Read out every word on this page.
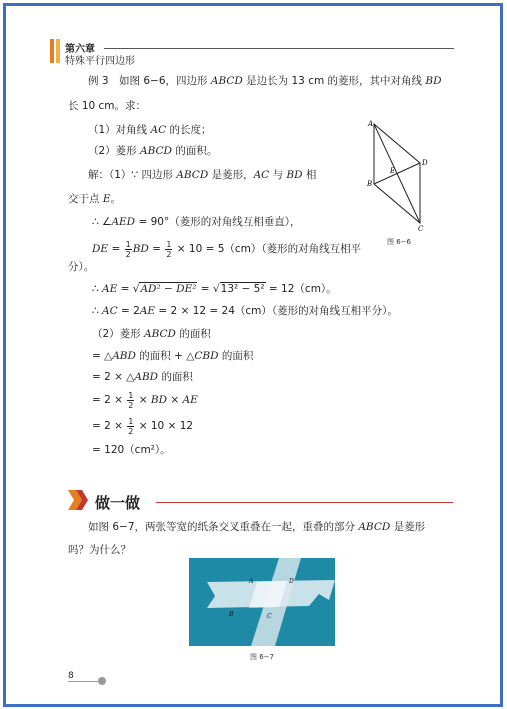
第六章
特殊平行四边形
例 3　如图 6−6，四边形 ABCD 是边长为 13 cm 的菱形，其中对角线 BD
长 10 cm。求：
（1）对角线 AC 的长度；
（2）菱形 ABCD 的面积。
解：（1）∵ 四边形 ABCD 是菱形，AC 与 BD 相
交于点 E。
∴ ∠AED = 90°（菱形的对角线互相垂直），
DE = $\frac{1}{2}$ BD = $\frac{1}{2} \times 10 = 5(cm)$（菱形的对角线互相平
分）。
∴ AE = √AD² − DE² = √13² − 5² = 12（cm）。
∴ AC = 2AE = 2 × 12 = 24（cm）（菱形的对角线互相平分）。
（2）菱形 ABCD 的面积
= △ABD 的面积 + △CBD 的面积
= 2 × △ABD 的面积
= $2 \times \frac{1}{2}$ × BD × AE
= $2 \times \frac{1}{2} \times 10 \times 12$
= 120（cm²）。
A
B
C
D
E
图 6−6
做一做
如图 6−7，两张等宽的纸条交叉重叠在一起，重叠的部分 ABCD 是菱形
吗？为什么？
A	D
B	C
图 6−7
8
